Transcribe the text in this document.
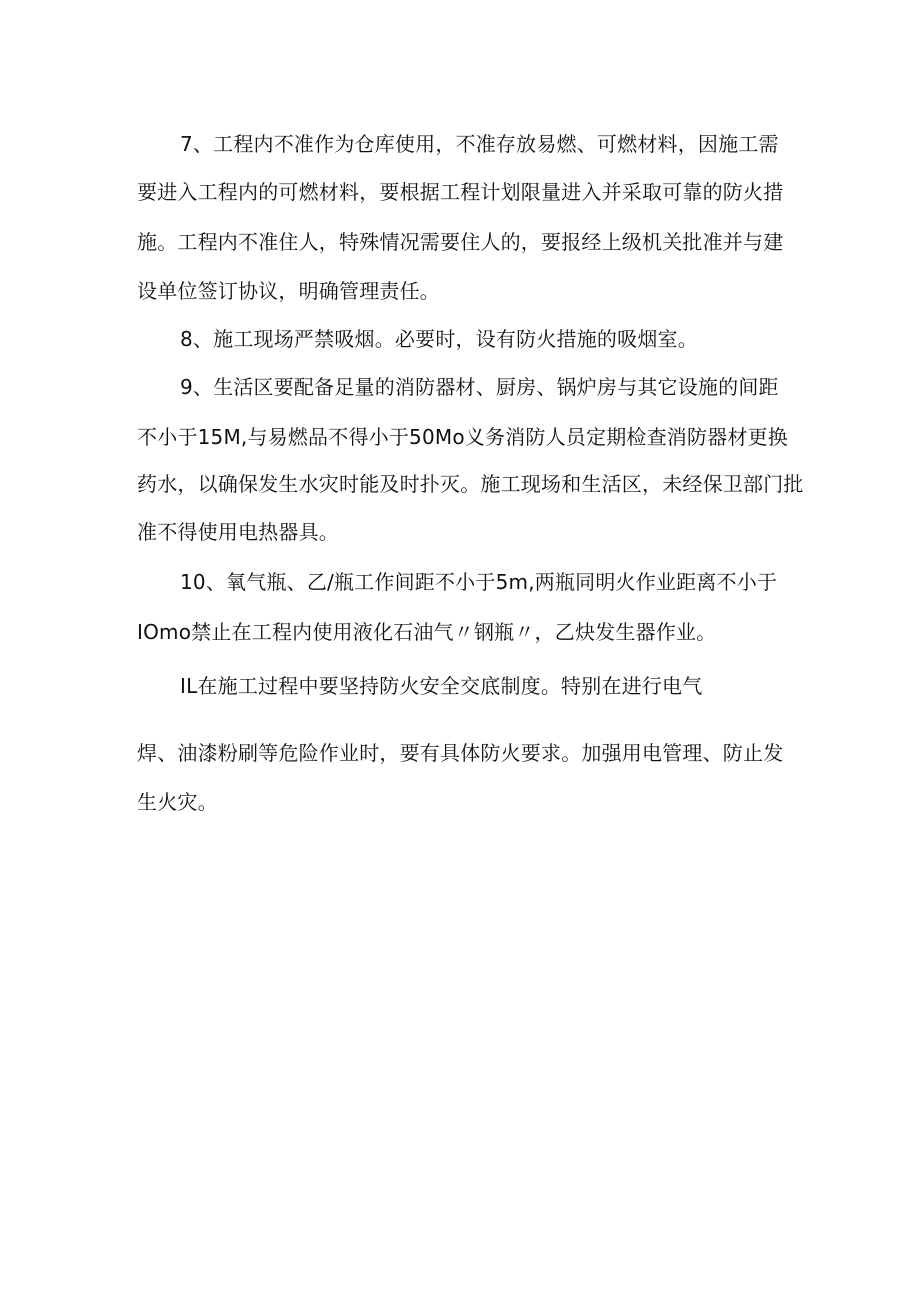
7、工程内不准作为仓库使用，不准存放易燃、可燃材料，因施工需

要进入工程内的可燃材料，要根据工程计划限量进入并采取可靠的防火措

施。工程内不准住人，特殊情况需要住人的，要报经上级机关批准并与建

设单位签订协议，明确管理责任。

8、施工现场严禁吸烟。必要时，设有防火措施的吸烟室。

9、生活区要配备足量的消防器材、厨房、锅炉房与其它设施的间距

不小于15M,与易燃品不得小于50Mo义务消防人员定期检查消防器材更换

药水，以确保发生水灾时能及时扑灭。施工现场和生活区，未经保卫部门批

准不得使用电热器具。

10、氧气瓶、乙/瓶工作间距不小于5m,两瓶同明火作业距离不小于

IOmo禁止在工程内使用液化石油气〃钢瓶〃，乙炔发生器作业。

IL在施工过程中要坚持防火安全交底制度。特别在进行电气

焊、油漆粉刷等危险作业时，要有具体防火要求。加强用电管理、防止发

生火灾。
